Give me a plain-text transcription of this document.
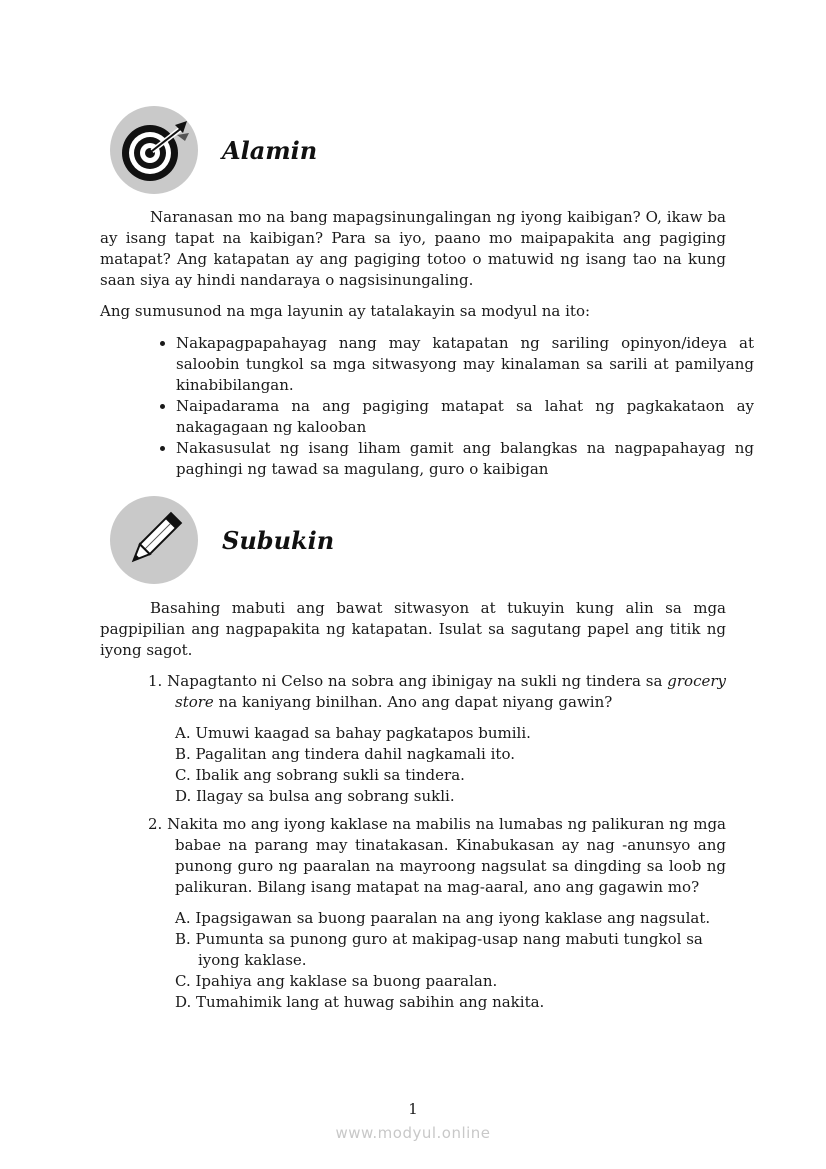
Alamin

Naranasan mo na bang mapagsinungalingan ng iyong kaibigan? O, ikaw ba ay isang tapat na kaibigan? Para sa iyo, paano mo maipapakita ang pagiging matapat? Ang katapatan ay ang pagiging totoo o matuwid ng isang tao na kung saan siya ay hindi nandaraya o nagsisinungaling.

Ang sumusunod na mga layunin ay tatalakayin sa modyul na ito:

• Nakapagpapahayag nang may katapatan ng sariling opinyon/ideya at saloobin tungkol sa mga sitwasyong may kinalaman sa sarili at pamilyang kinabibilangan.
• Naipadarama na ang pagiging matapat sa lahat ng pagkakataon ay nakagagaan ng kalooban
• Nakasusulat ng isang liham gamit ang balangkas na nagpapahayag ng paghingi ng tawad sa magulang, guro o kaibigan
Subukin

Basahing mabuti ang bawat sitwasyon at tukuyin kung alin sa mga pagpipilian ang nagpapakita ng katapatan. Isulat sa sagutang papel ang titik ng iyong sagot.

1. Napagtanto ni Celso na sobra ang ibinigay na sukli ng tindera sa grocery store na kaniyang binilhan. Ano ang dapat niyang gawin?

A. Umuwi kaagad sa bahay pagkatapos bumili.
B. Pagalitan ang tindera dahil nagkamali ito.
C. Ibalik ang sobrang sukli sa tindera.
D. Ilagay sa bulsa ang sobrang sukli.

2. Nakita mo ang iyong kaklase na mabilis na lumabas ng palikuran ng mga babae na parang may tinatakasan. Kinabukasan ay nag -anunsyo ang punong guro ng paaralan na mayroong nagsulat sa dingding sa loob ng palikuran. Bilang isang matapat na mag-aaral, ano ang gagawin mo?

A. Ipagsigawan sa buong paaralan na ang iyong kaklase ang nagsulat.
B. Pumunta sa punong guro at makipag-usap nang mabuti tungkol sa iyong kaklase.
C. Ipahiya ang kaklase sa buong paaralan.
D. Tumahimik lang at huwag sabihin ang nakita.
1
www.modyul.online
